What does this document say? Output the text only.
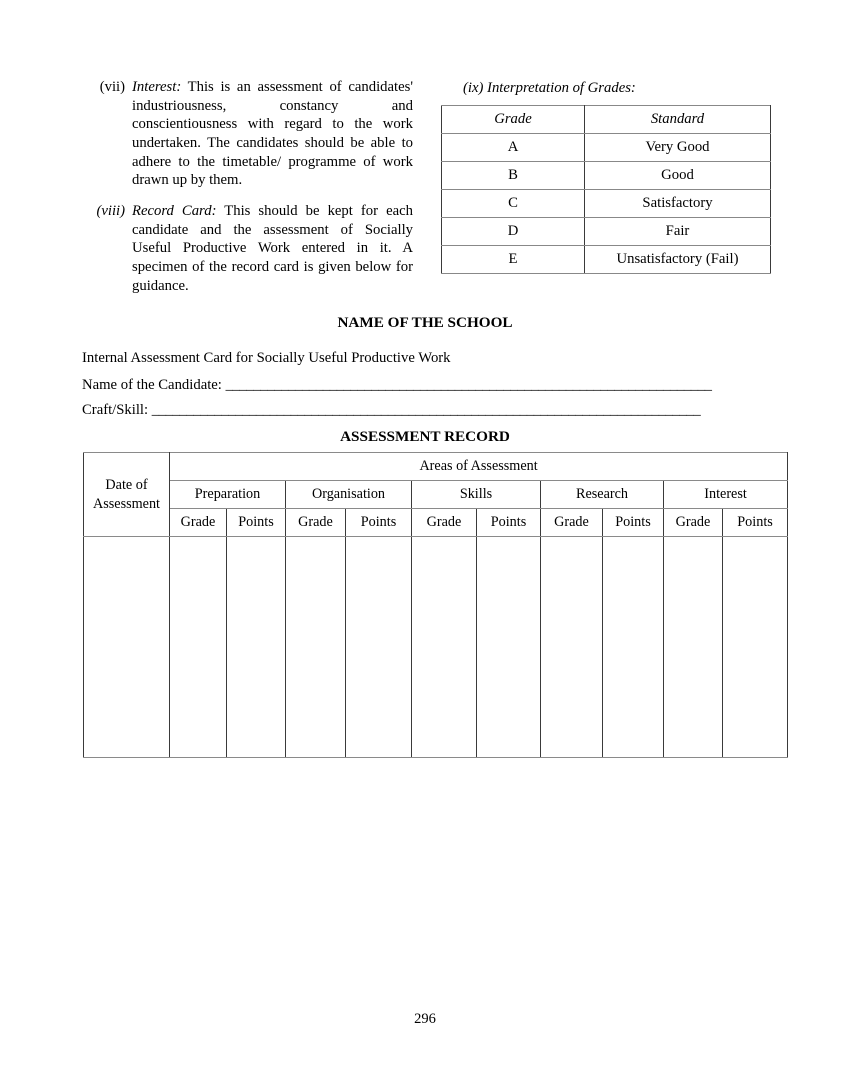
(vii) Interest: This is an assessment of candidates' industriousness, constancy and conscientiousness with regard to the work undertaken. The candidates should be able to adhere to the timetable/ programme of work drawn up by them.
(viii) Record Card: This should be kept for each candidate and the assessment of Socially Useful Productive Work entered in it. A specimen of the record card is given below for guidance.
(ix) Interpretation of Grades:
Grade	Standard
A	Very Good
B	Good
C	Satisfactory
D	Fair
E	Unsatisfactory (Fail)
NAME OF THE SCHOOL
Internal Assessment Card for Socially Useful Productive Work
Name of the Candidate: ______________________________________________________________________
Craft/Skill: _______________________________________________________________________________
ASSESSMENT RECORD
Date of Assessment	Areas of Assessment									
	Preparation		Organisation		Skills		Research		Interest	
	Grade	Points	Grade	Points	Grade	Points	Grade	Points	Grade	Points

296
